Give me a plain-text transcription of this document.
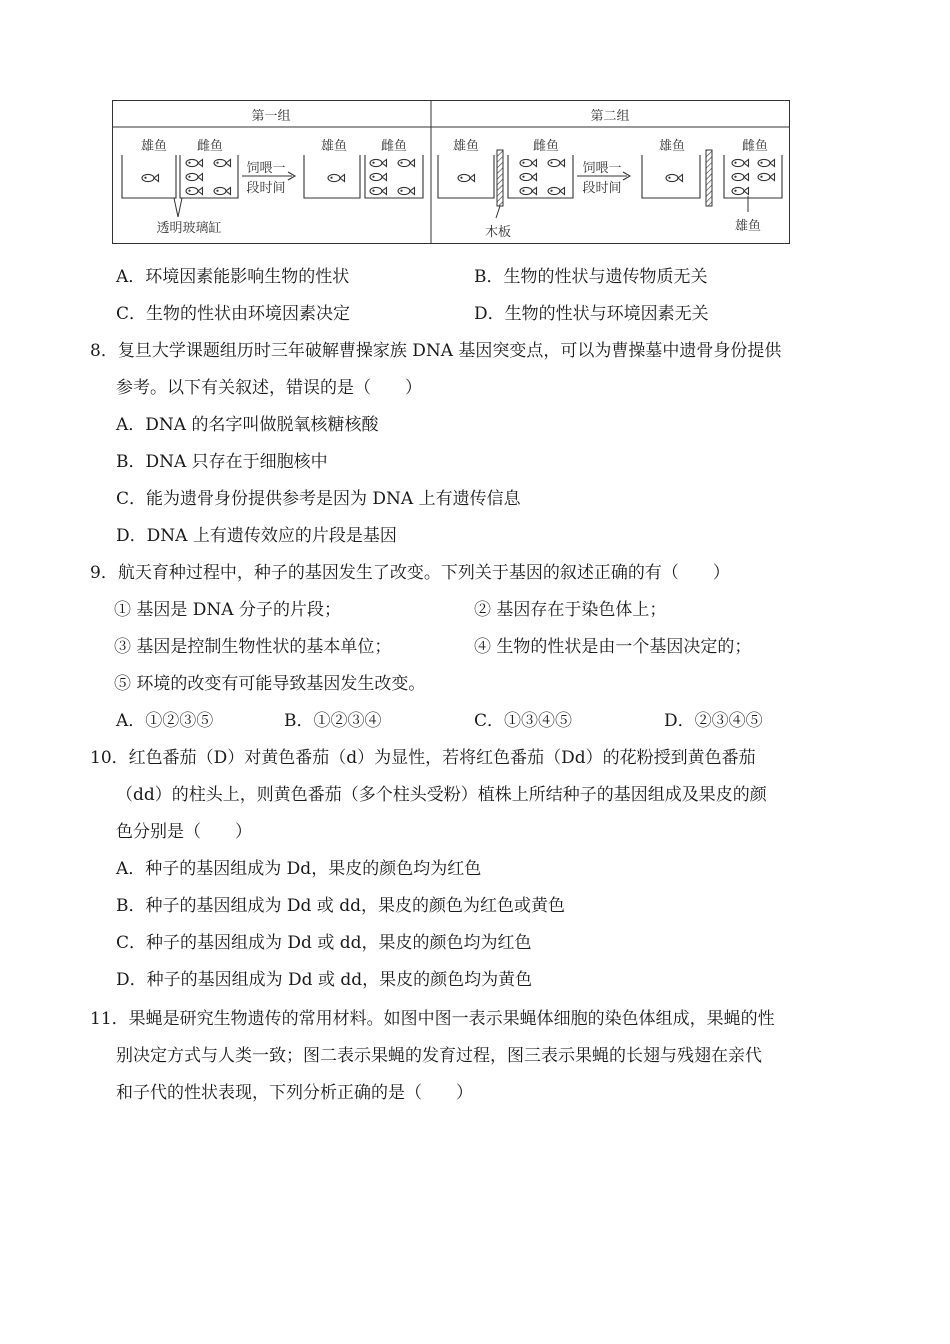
第一组	第二组
雄鱼 雌鱼
饲喂一
段时间
雄鱼	雌鱼
透明玻璃缸
雄鱼	雌鱼
饲喂一
段时间
雄鱼	雌鱼
木板	雄鱼
A．环境因素能影响生物的性状	B．生物的性状与遗传物质无关
C．生物的性状由环境因素决定	D．生物的性状与环境因素无关
8．复旦大学课题组历时三年破解曹操家族 DNA 基因突变点，可以为曹操墓中遗骨身份提供
参考。以下有关叙述，错误的是（　　）
A．DNA 的名字叫做脱氧核糖核酸
B．DNA 只存在于细胞核中
C．能为遗骨身份提供参考是因为 DNA 上有遗传信息
D．DNA 上有遗传效应的片段是基因
9．航天育种过程中，种子的基因发生了改变。下列关于基因的叙述正确的有（　　）
① 基因是 DNA 分子的片段；	② 基因存在于染色体上；
③ 基因是控制生物性状的基本单位；	④ 生物的性状是由一个基因决定的；
⑤ 环境的改变有可能导致基因发生改变。
A．①②③⑤	B．①②③④	C．①③④⑤	D．②③④⑤
10．红色番茄（D）对黄色番茄（d）为显性，若将红色番茄（Dd）的花粉授到黄色番茄
（dd）的柱头上，则黄色番茄（多个柱头受粉）植株上所结种子的基因组成及果皮的颜
色分别是（　　）
A．种子的基因组成为 Dd，果皮的颜色均为红色
B．种子的基因组成为 Dd 或 dd，果皮的颜色为红色或黄色
C．种子的基因组成为 Dd 或 dd，果皮的颜色均为红色
D．种子的基因组成为 Dd 或 dd，果皮的颜色均为黄色
11．果蝇是研究生物遗传的常用材料。如图中图一表示果蝇体细胞的染色体组成，果蝇的性
别决定方式与人类一致；图二表示果蝇的发育过程，图三表示果蝇的长翅与残翅在亲代
和子代的性状表现，下列分析正确的是（　　）
